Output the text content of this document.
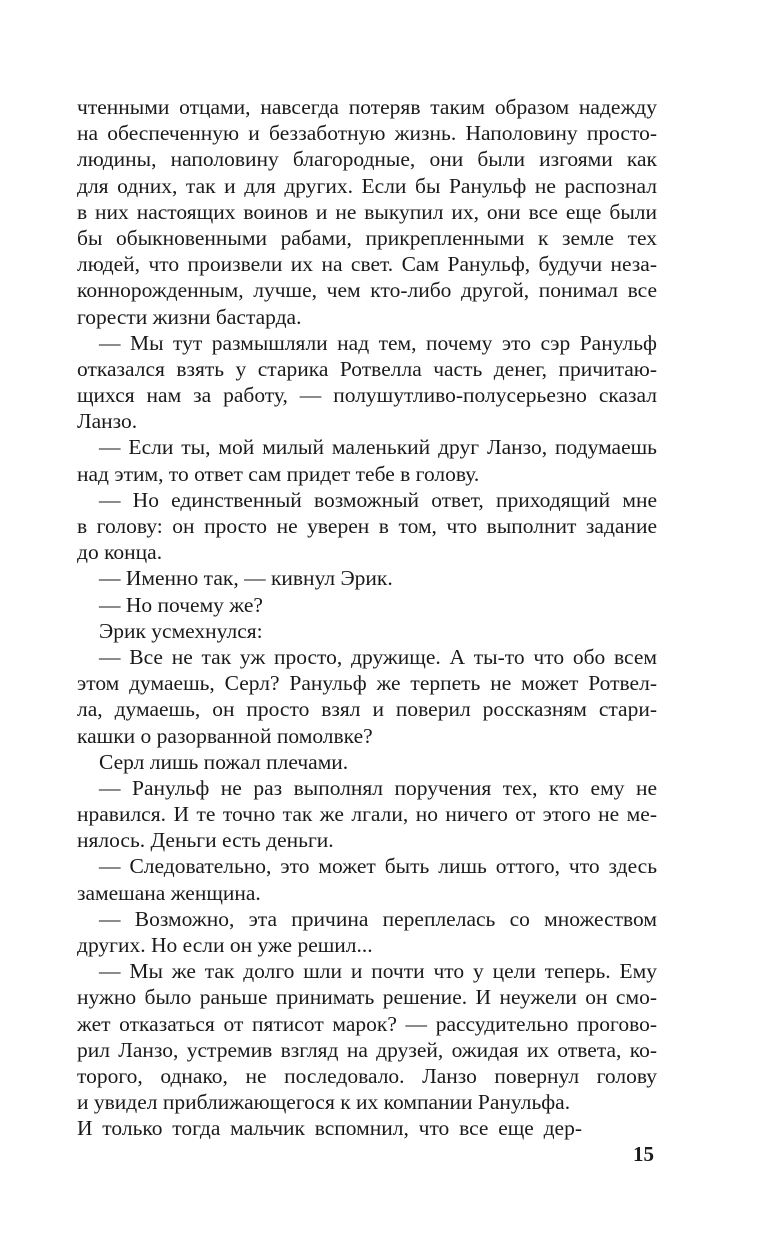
чтенными отцами, навсегда потеряв таким образом надежду
на обеспеченную и беззаботную жизнь. Наполовину просто-
людины, наполовину благородные, они были изгоями как
для одних, так и для других. Если бы Ранульф не распознал
в них настоящих воинов и не выкупил их, они все еще были
бы обыкновенными рабами, прикрепленными к земле тех
людей, что произвели их на свет. Сам Ранульф, будучи неза-
коннорожденным, лучше, чем кто-либо другой, понимал все
горести жизни бастарда.
— Мы тут размышляли над тем, почему это сэр Ранульф
отказался взять у старика Ротвелла часть денег, причитаю-
щихся нам за работу, — полушутливо-полусерьезно сказал
Ланзо.
— Если ты, мой милый маленький друг Ланзо, подумаешь
над этим, то ответ сам придет тебе в голову.
— Но единственный возможный ответ, приходящий мне
в голову: он просто не уверен в том, что выполнит задание
до конца.
— Именно так, — кивнул Эрик.
— Но почему же?
Эрик усмехнулся:
— Все не так уж просто, дружище. А ты-то что обо всем
этом думаешь, Серл? Ранульф же терпеть не может Ротвел-
ла, думаешь, он просто взял и поверил россказням стари-
кашки о разорванной помолвке?
Серл лишь пожал плечами.
— Ранульф не раз выполнял поручения тех, кто ему не
нравился. И те точно так же лгали, но ничего от этого не ме-
нялось. Деньги есть деньги.
— Следовательно, это может быть лишь оттого, что здесь
замешана женщина.
— Возможно, эта причина переплелась со множеством
других. Но если он уже решил...
— Мы же так долго шли и почти что у цели теперь. Ему
нужно было раньше принимать решение. И неужели он смо-
жет отказаться от пятисот марок? — рассудительно прогово-
рил Ланзо, устремив взгляд на друзей, ожидая их ответа, ко-
торого, однако, не последовало. Ланзо повернул голову
и увидел приближающегося к их компании Ранульфа.
И только тогда мальчик вспомнил, что все еще дер-
15
